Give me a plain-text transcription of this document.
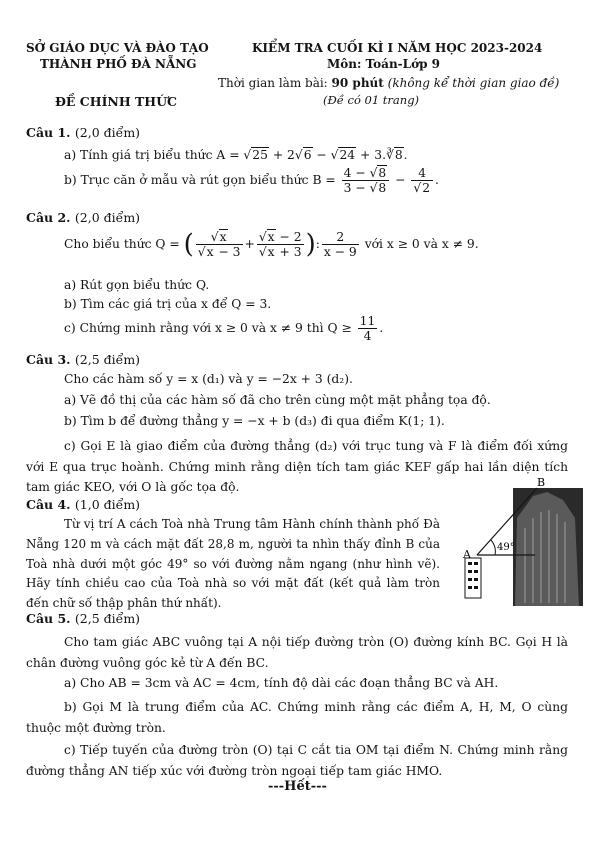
SỞ GIÁO DỤC VÀ ĐÀO TẠO
THÀNH PHỐ ĐÀ NẴNG
ĐỀ CHÍNH THỨC
KIỂM TRA CUỐI KÌ I NĂM HỌC 2023-2024
Môn: Toán-Lớp 9
Thời gian làm bài: 90 phút (không kể thời gian giao đề)
(Đề có 01 trang)
Câu 1. (2,0 điểm)
a) Tính giá trị biểu thức A = √25 + 2√6 − √24 + 3.∛8.
b) Trục căn ở mẫu và rút gọn biểu thức $B = \frac{4 - √8}{3 - √8} - \frac{4}{√2}$ .
Câu 2. (2,0 điểm)
Cho biểu thức Q = ( $\frac{√x}{√x - 3} + \frac{√x - 2}{√x + 3}$ ): $\frac{2}{x - 9}$ với x ≥ 0 và x ≠ 9.
a) Rút gọn biểu thức Q.
b) Tìm các giá trị của x để Q = 3.
c) Chứng minh rằng với x ≥ 0 và x ≠ 9 thì $Q \ge \frac{11}{4}$ .
Câu 3. (2,5 điểm)
Cho các hàm số y = x (d₁) và y = −2x + 3 (d₂).
a) Vẽ đồ thị của các hàm số đã cho trên cùng một mặt phẳng tọa độ.
b) Tìm b để đường thẳng y = −x + b (d₃) đi qua điểm K(1; 1).
c) Gọi E là giao điểm của đường thẳng (d₂) với trục tung và F là điểm đối xứng với E qua trục hoành. Chứng minh rằng diện tích tam giác KEF gấp hai lần diện tích tam giác KEO, với O là gốc tọa độ.
Câu 4. (1,0 điểm)
Từ vị trí A cách Toà nhà Trung tâm Hành chính thành phố Đà Nẵng 120 m và cách mặt đất 28,8 m, người ta nhìn thấy đỉnh B của Toà nhà dưới một góc 49° so với đường nằm ngang (như hình vẽ). Hãy tính chiều cao của Toà nhà so với mặt đất (kết quả làm tròn đến chữ số thập phân thứ nhất).
B
A
49°
Câu 5. (2,5 điểm)
Cho tam giác ABC vuông tại A nội tiếp đường tròn (O) đường kính BC. Gọi H là chân đường vuông góc kẻ từ A đến BC.
a) Cho AB = 3cm và AC = 4cm, tính độ dài các đoạn thẳng BC và AH.
b) Gọi M là trung điểm của AC. Chứng minh rằng các điểm A, H, M, O cùng thuộc một đường tròn.
c) Tiếp tuyến của đường tròn (O) tại C cắt tia OM tại điểm N. Chứng minh rằng đường thẳng AN tiếp xúc với đường tròn ngoại tiếp tam giác HMO.
---Hết---
